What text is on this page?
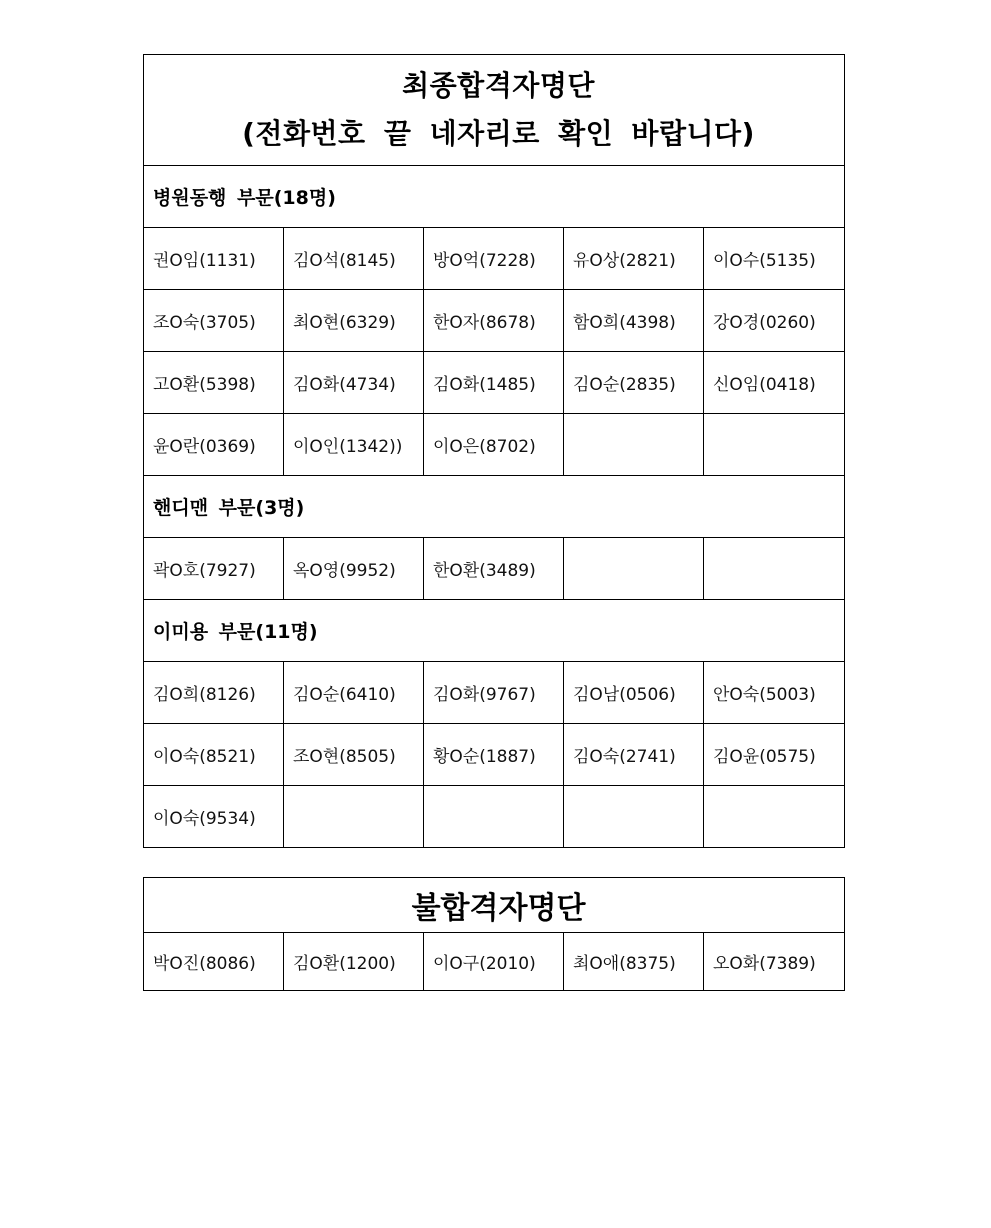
최종합격자명단
(전화번호 끝 네자리로 확인 바랍니다)				

병원동행 부문(18명)				
권O임(1131)	김O석(8145)	방O억(7228)	유O상(2821)	이O수(5135)
조O숙(3705)	최O현(6329)	한O자(8678)	함O희(4398)	강O경(0260)
고O환(5398)	김O화(4734)	김O화(1485)	김O순(2835)	신O임(0418)
윤O란(0369)	이O인(1342))	이O은(8702)		
핸디맨 부문(3명)				
곽O호(7927)	옥O영(9952)	한O환(3489)		
이미용 부문(11명)				
김O희(8126)	김O순(6410)	김O화(9767)	김O남(0506)	안O숙(5003)
이O숙(8521)	조O현(8505)	황O순(1887)	김O숙(2741)	김O윤(0575)
이O숙(9534)				
불합격자명단
박O진(8086)	김O환(1200)	이O구(2010)	최O애(8375)	오O화(7389)
